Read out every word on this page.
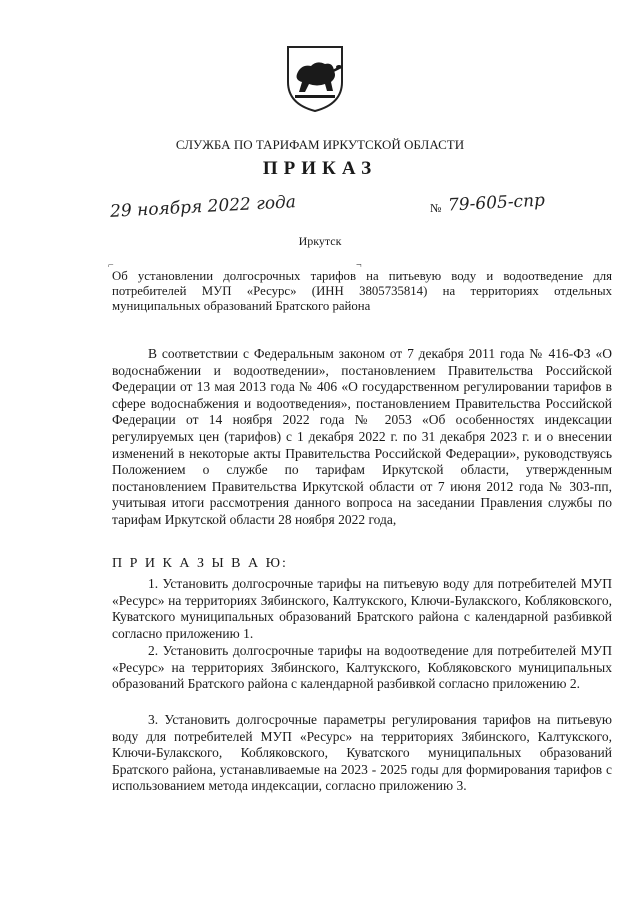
СЛУЖБА ПО ТАРИФАМ ИРКУТСКОЙ ОБЛАСТИ
ПРИКАЗ
29 ноября 2022 года	№ 79-605-спр
Иркутск
⌐	¬
Об установлении долгосрочных тарифов на питьевую воду и водоотведение для потребителей МУП «Ресурс» (ИНН 3805735814) на территориях отдельных муниципальных образований Братского района

В соответствии с Федеральным законом от 7 декабря 2011 года № 416-ФЗ «О водоснабжении и водоотведении», постановлением Правительства Российской Федерации от 13 мая 2013 года № 406 «О государственном регулировании тарифов в сфере водоснабжения и водоотведения», постановлением Правительства Российской Федерации от 14 ноября 2022 года № 2053 «Об особенностях индексации регулируемых цен (тарифов) с 1 декабря 2022 г. по 31 декабря 2023 г. и о внесении изменений в некоторые акты Правительства Российской Федерации», руководствуясь Положением о службе по тарифам Иркутской области, утвержденным постановлением Правительства Иркутской области от 7 июня 2012 года № 303-пп, учитывая итоги рассмотрения данного вопроса на заседании Правления службы по тарифам Иркутской области 28 ноября 2022 года,

П Р И К А З Ы В А Ю:

1. Установить долгосрочные тарифы на питьевую воду для потребителей МУП «Ресурс» на территориях Зябинского, Калтукского, Ключи-Булакского, Кобляковского, Куватского муниципальных образований Братского района с календарной разбивкой согласно приложению 1.

2. Установить долгосрочные тарифы на водоотведение для потребителей МУП «Ресурс» на территориях Зябинского, Калтукского, Кобляковского муниципальных образований Братского района с календарной разбивкой согласно приложению 2.

3. Установить долгосрочные параметры регулирования тарифов на питьевую воду для потребителей МУП «Ресурс» на территориях Зябинского, Калтукского, Ключи-Булакского, Кобляковского, Куватского муниципальных образований Братского района, устанавливаемые на 2023 - 2025 годы для формирования тарифов с использованием метода индексации, согласно приложению 3.
